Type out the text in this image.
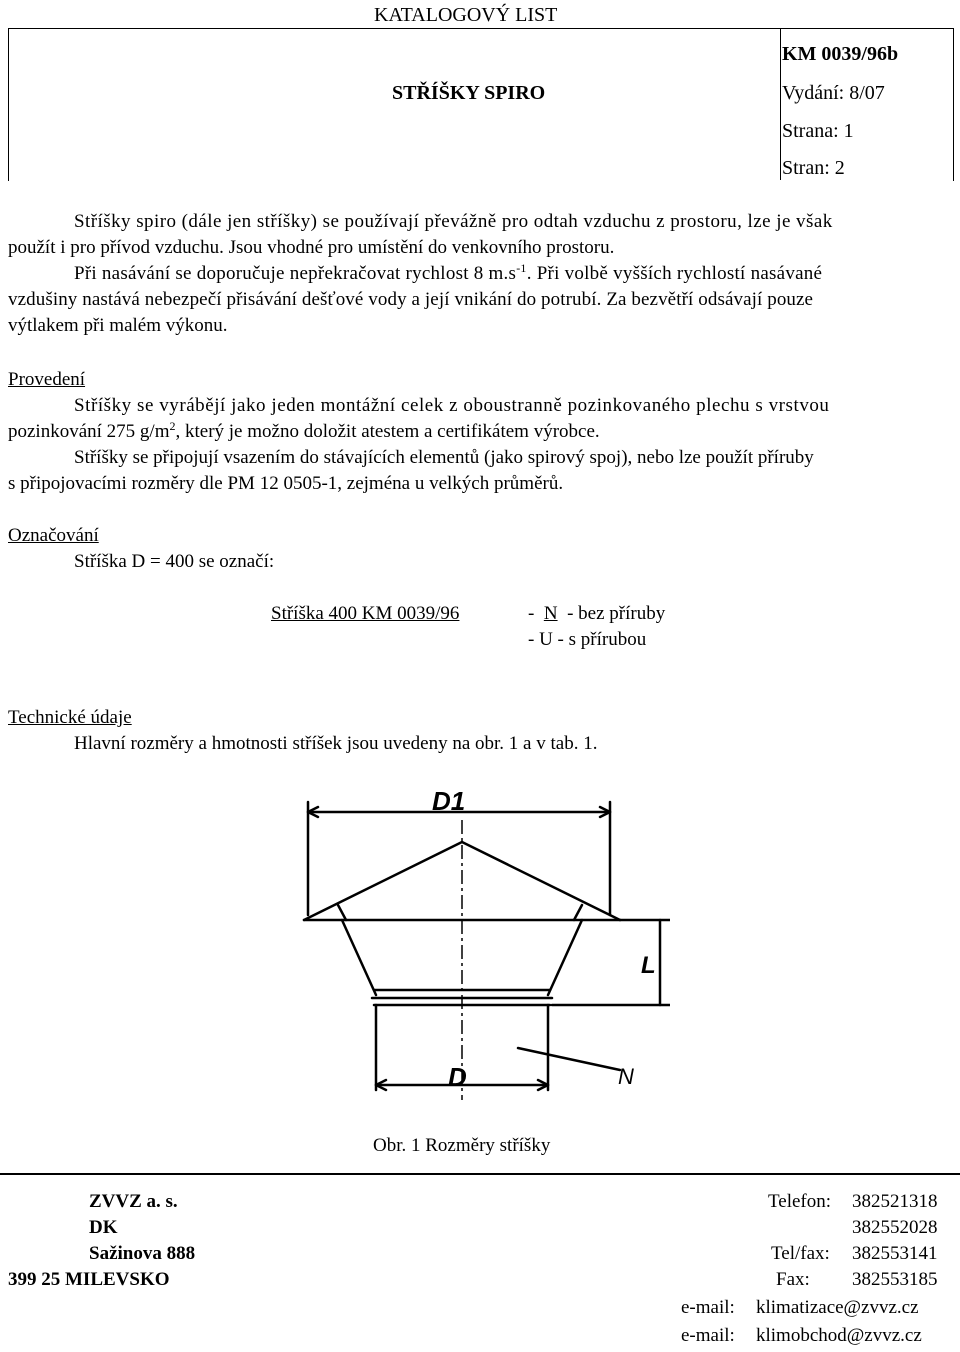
KATALOGOVÝ LIST
STŘÍŠKY SPIRO
KM 0039/96b
Vydání: 8/07
Strana: 1
Stran: 2
Stříšky spiro (dále jen stříšky) se používají převážně pro odtah vzduchu z prostoru, lze je však
použít i pro přívod vzduchu. Jsou vhodné pro umístění do venkovního prostoru.
Při nasávání se doporučuje nepřekračovat rychlost 8 $m.s^{-1}$. Při volbě vyšších rychlostí nasávané
vzdušiny nastává nebezpečí přisávání dešťové vody a její vnikání do potrubí. Za bezvětří odsávají pouze
výtlakem při malém výkonu.
Provedení
Stříšky se vyrábějí jako jeden montážní celek z oboustranně pozinkovaného plechu s vrstvou
pozinkování 275 $g/m^2$, který je možno doložit atestem a certifikátem výrobce.
Stříšky se připojují vsazením do stávajících elementů (jako spirový spoj), nebo lze použít příruby
s připojovacími rozměry dle PM 12 0505-1, zejména u velkých průměrů.
Označování
Stříška D = 400 se označí:
Stříška 400 KM 0039/96	- N - bez příruby
- U - s přírubou
Technické údaje
Hlavní rozměry a hmotnosti stříšek jsou uvedeny na obr. 1 a v tab. 1.
D1
L
D	N
Obr. 1 Rozměry stříšky
ZVVZ a. s.
DK
Sažinova 888
399 25 MILEVSKO
Telefon: 382521318
382552028
Tel/fax: 382553141
Fax: 382553185
e-mail: klimatizace@zvvz.cz
e-mail: klimobchod@zvvz.cz
